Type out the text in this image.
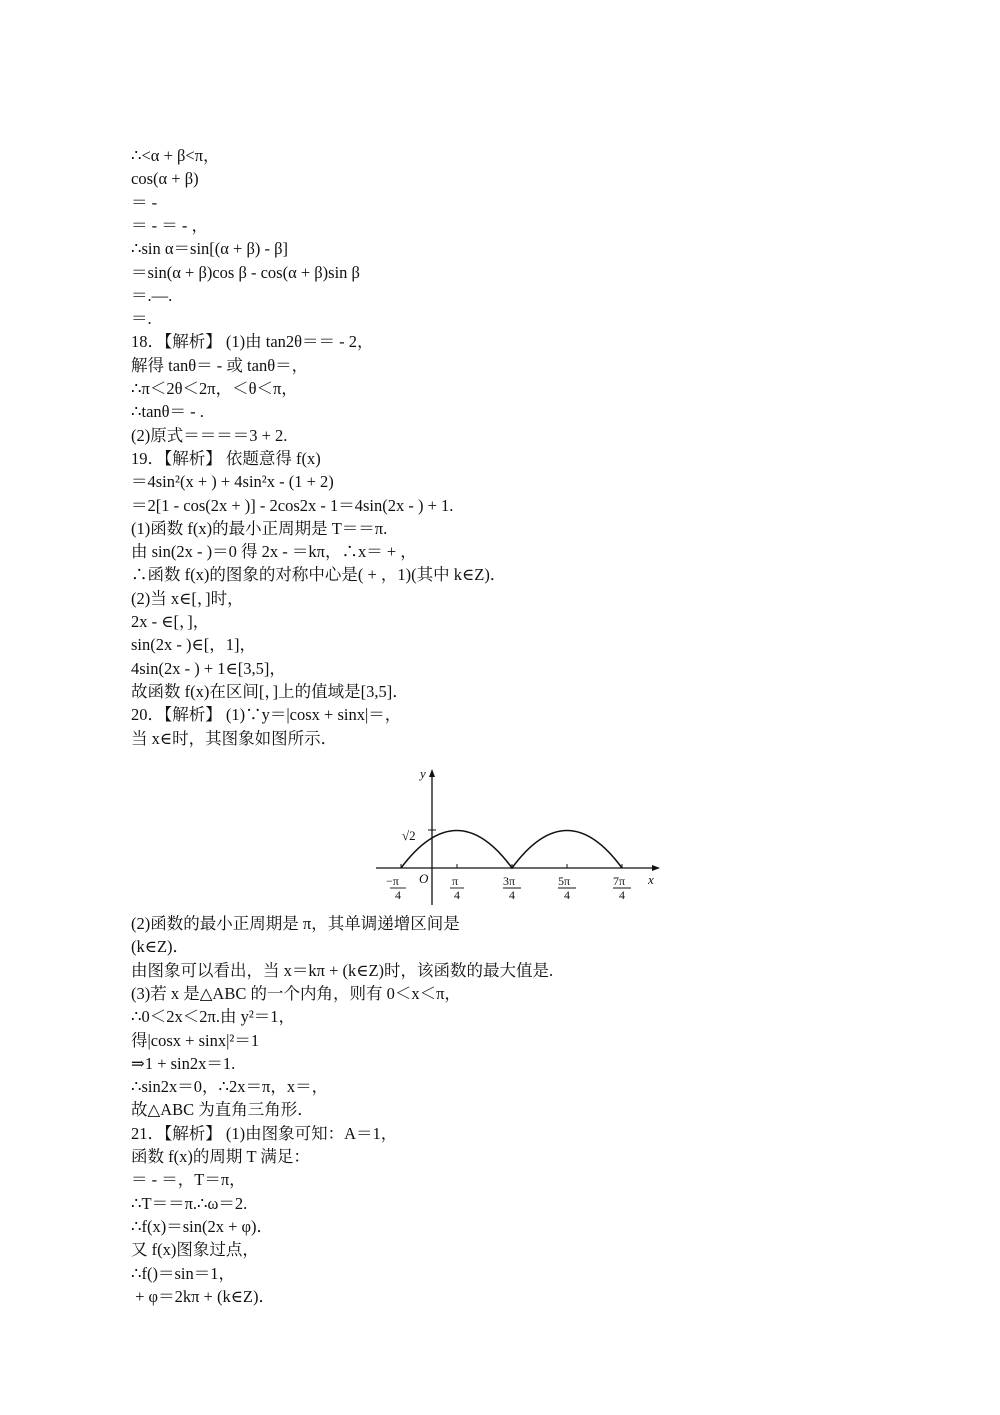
∴<α + β<π，
cos(α + β)
＝ -
＝ - ＝ - ，
∴sin α＝sin[(α + β) - β]
＝sin(α + β)cos β - cos(α + β)sin β
＝.—.
＝.
18．【解析】 (1)由 tan2θ＝＝ - 2，
解得 tanθ＝ - 或 tanθ＝，
∴π＜2θ＜2π，＜θ＜π，
∴tanθ＝ - .
(2)原式＝＝＝＝3 + 2.
19．【解析】 依题意得 f(x)
＝4sin²(x + ) + 4sin²x - (1 + 2)
＝2[1 - cos(2x + )] - 2cos2x - 1＝4sin(2x - ) + 1.
(1)函数 f(x)的最小正周期是 T＝＝π.
由 sin(2x - )＝0 得 2x - ＝kπ，∴x＝ + ，
∴函数 f(x)的图象的对称中心是( + ，1)(其中 k∈Z)．
(2)当 x∈[，]时，
2x - ∈[，]，
sin(2x - )∈[，1]，
4sin(2x - ) + 1∈[3,5]，
故函数 f(x)在区间[，]上的值域是[3,5]．
20．【解析】 (1)∵y＝|cosx + sinx|＝，
当 x∈时，其图象如图所示．
y
x
O
√2
−π
4
π
4
3π
4
5π
4
7π
4
(2)函数的最小正周期是 π，其单调递增区间是
(k∈Z)．
由图象可以看出，当 x＝kπ + (k∈Z)时，该函数的最大值是.
(3)若 x 是△ABC 的一个内角，则有 0＜x＜π，
∴0＜2x＜2π.由 y²＝1，
得|cosx + sinx|²＝1
⇒1 + sin2x＝1.
∴sin2x＝0，∴2x＝π，x＝，
故△ABC 为直角三角形．
21．【解析】 (1)由图象可知：A＝1，
函数 f(x)的周期 T 满足：
＝ - ＝，T＝π，
∴T＝＝π.∴ω＝2.
∴f(x)＝sin(2x + φ)．
又 f(x)图象过点，
∴f()＝sin＝1，
+ φ＝2kπ + (k∈Z)．
